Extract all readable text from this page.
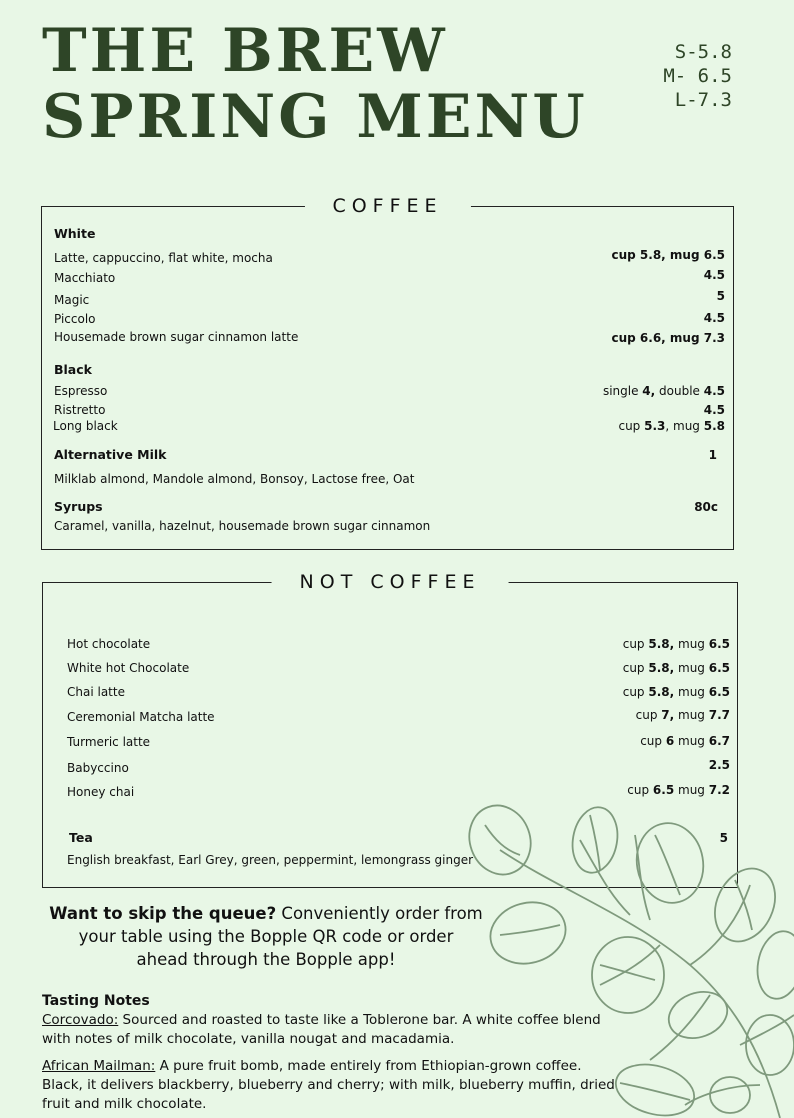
THE BREW
SPRING MENU
S-5.8
M- 6.5
L-7.3
COFFEE
White
Latte, cappuccino, flat white, mocha	cup 5.8, mug 6.5
Macchiato	4.5
Magic	5
Piccolo	4.5
Housemade brown sugar cinnamon latte	cup 6.6, mug 7.3
Black
Espresso	single 4, double 4.5
Ristretto	4.5
Long black	cup 5.3, mug 5.8
Alternative Milk	1
Milklab almond, Mandole almond, Bonsoy, Lactose free, Oat
Syrups	80c
Caramel, vanilla, hazelnut, housemade brown sugar cinnamon
NOT COFFEE
Hot chocolate	cup 5.8, mug 6.5
White hot Chocolate	cup 5.8, mug 6.5
Chai latte	cup 5.8, mug 6.5
Ceremonial Matcha latte	cup 7, mug 7.7
Turmeric latte	cup 6 mug 6.7
Babyccino	2.5
Honey chai	cup 6.5 mug 7.2
Tea	5
English breakfast, Earl Grey, green, peppermint, lemongrass ginger
Want to skip the queue? Conveniently order from
your table using the Bopple QR code or order
ahead through the Bopple app!
Tasting Notes

Corcovado: Sourced and roasted to taste like a Toblerone bar. A white coffee blend with notes of milk chocolate, vanilla nougat and macadamia.

African Mailman: A pure fruit bomb, made entirely from Ethiopian-grown coffee. Black, it delivers blackberry, blueberry and cherry; with milk, blueberry muffin, dried fruit and milk chocolate.
